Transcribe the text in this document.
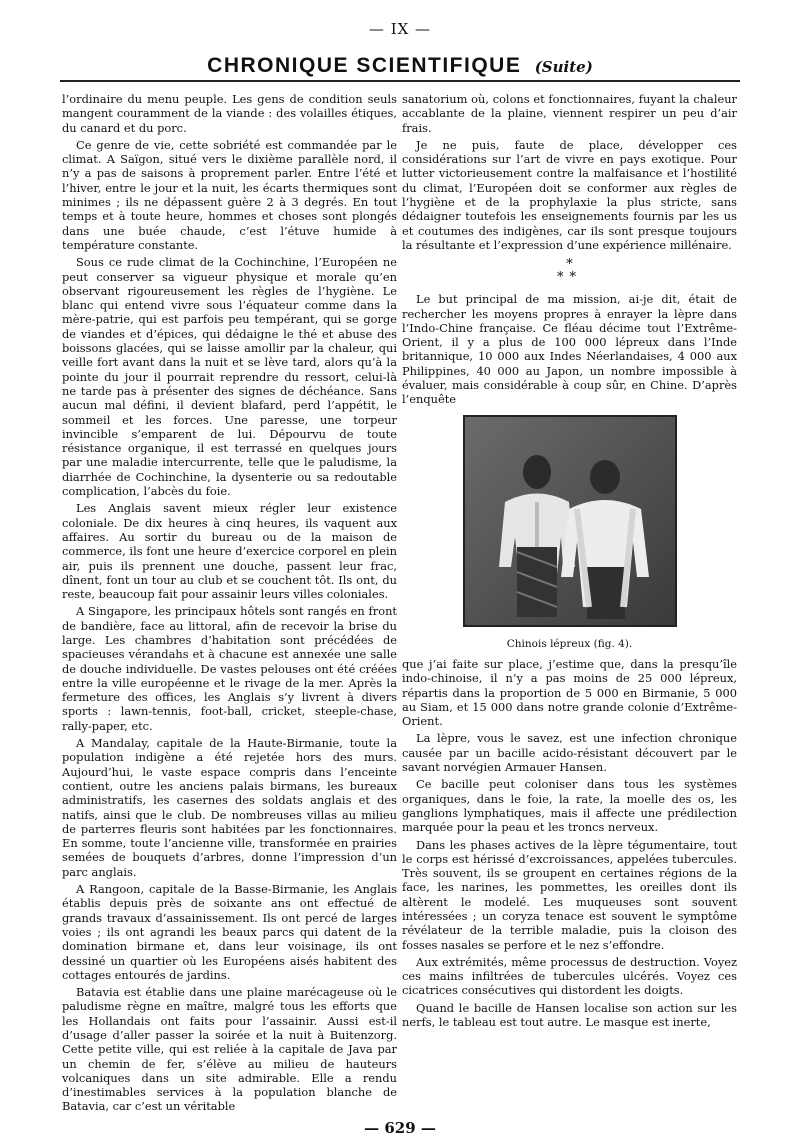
— IX —
CHRONIQUE SCIENTIFIQUE (Suite)

l’ordinaire du menu peuple. Les gens de condition seuls mangent couramment de la viande : des volailles étiques, du canard et du porc.

Ce genre de vie, cette sobriété est commandée par le climat. A Saïgon, situé vers le dixième parallèle nord, il n’y a pas de saisons à proprement parler. Entre l’été et l’hiver, entre le jour et la nuit, les écarts thermiques sont minimes ; ils ne dépassent guère 2 à 3 degrés. En tout temps et à toute heure, hommes et choses sont plongés dans une buée chaude, c’est l’étuve humide à température constante.

Sous ce rude climat de la Cochinchine, l’Européen ne peut conserver sa vigueur physique et morale qu’en observant rigoureusement les règles de l’hygiène. Le blanc qui entend vivre sous l’équateur comme dans la mère-patrie, qui est parfois peu tempérant, qui se gorge de viandes et d’épices, qui dédaigne le thé et abuse des boissons glacées, qui se laisse amollir par la chaleur, qui veille fort avant dans la nuit et se lève tard, alors qu’à la pointe du jour il pourrait reprendre du ressort, celui-là ne tarde pas à présenter des signes de déchéance. Sans aucun mal défini, il devient blafard, perd l’appétit, le sommeil et les forces. Une paresse, une torpeur invincible s’emparent de lui. Dépourvu de toute résistance organique, il est terrassé en quelques jours par une maladie intercurrente, telle que le paludisme, la diarrhée de Cochinchine, la dysenterie ou sa redoutable complication, l’abcès du foie.

Les Anglais savent mieux régler leur existence coloniale. De dix heures à cinq heures, ils vaquent aux affaires. Au sortir du bureau ou de la maison de commerce, ils font une heure d’exercice corporel en plein air, puis ils prennent une douche, passent leur frac, dînent, font un tour au club et se couchent tôt. Ils ont, du reste, beaucoup fait pour assainir leurs villes coloniales.

A Singapore, les principaux hôtels sont rangés en front de bandière, face au littoral, afin de recevoir la brise du large. Les chambres d’habitation sont précédées de spacieuses vérandahs et à chacune est annexée une salle de douche individuelle. De vastes pelouses ont été créées entre la ville européenne et le rivage de la mer. Après la fermeture des offices, les Anglais s’y livrent à divers sports : lawn-tennis, foot-ball, cricket, steeple-chase, rally-paper, etc.

A Mandalay, capitale de la Haute-Birmanie, toute la population indigène a été rejetée hors des murs. Aujourd’hui, le vaste espace compris dans l’enceinte contient, outre les anciens palais birmans, les bureaux administratifs, les casernes des soldats anglais et des natifs, ainsi que le club. De nombreuses villas au milieu de parterres fleuris sont habitées par les fonctionnaires. En somme, toute l’ancienne ville, transformée en prairies semées de bouquets d’arbres, donne l’impression d’un parc anglais.

A Rangoon, capitale de la Basse-Birmanie, les Anglais établis depuis près de soixante ans ont effectué de grands travaux d’assainissement. Ils ont percé de larges voies ; ils ont agrandi les beaux parcs qui datent de la domination birmane et, dans leur voisinage, ils ont dessiné un quartier où les Européens aisés habitent des cottages entourés de jardins.

Batavia est établie dans une plaine marécageuse où le paludisme règne en maître, malgré tous les efforts que les Hollandais ont faits pour l’assainir. Aussi est-il d’usage d’aller passer la soirée et la nuit à Buitenzorg. Cette petite ville, qui est reliée à la capitale de Java par un chemin de fer, s’élève au milieu de hauteurs volcaniques dans un site admirable. Elle a rendu d’inestimables services à la population blanche de Batavia, car c’est un véritable

sanatorium où, colons et fonctionnaires, fuyant la chaleur accablante de la plaine, viennent respirer un peu d’air frais.

Je ne puis, faute de place, développer ces considérations sur l’art de vivre en pays exotique. Pour lutter victorieusement contre la malfaisance et l’hostilité du climat, l’Européen doit se conformer aux règles de l’hygiène et de la prophylaxie la plus stricte, sans dédaigner toutefois les enseignements fournis par les us et coutumes des indigènes, car ils sont presque toujours la résultante et l’expression d’une expérience millénaire.

*
**

Le but principal de ma mission, ai-je dit, était de rechercher les moyens propres à enrayer la lèpre dans l’Indo-Chine française. Ce fléau décime tout l’Extrême-Orient, il y a plus de 100 000 lépreux dans l’Inde britannique, 10 000 aux Indes Néerlandaises, 4 000 aux Philippines, 40 000 au Japon, un nombre impossible à évaluer, mais considérable à coup sûr, en Chine. D’après l’enquête

Chinois lépreux (fig. 4).

que j’ai faite sur place, j’estime que, dans la presqu’île indo-chinoise, il n’y a pas moins de 25 000 lépreux, répartis dans la proportion de 5 000 en Birmanie, 5 000 au Siam, et 15 000 dans notre grande colonie d’Extrême-Orient.

La lèpre, vous le savez, est une infection chronique causée par un bacille acido-résistant découvert par le savant norvégien Armauer Hansen.

Ce bacille peut coloniser dans tous les systèmes organiques, dans le foie, la rate, la moelle des os, les ganglions lymphatiques, mais il affecte une prédilection marquée pour la peau et les troncs nerveux.

Dans les phases actives de la lèpre tégumentaire, tout le corps est hérissé d’excroissances, appelées tubercules. Très souvent, ils se groupent en certaines régions de la face, les narines, les pommettes, les oreilles dont ils altèrent le modelé. Les muqueuses sont souvent intéressées ; un coryza tenace est souvent le symptôme révélateur de la terrible maladie, puis la cloison des fosses nasales se perfore et le nez s’effondre.

Aux extrémités, même processus de destruction. Voyez ces mains infiltrées de tubercules ulcérés. Voyez ces cicatrices consécutives qui distordent les doigts.

Quand le bacille de Hansen localise son action sur les nerfs, le tableau est tout autre. Le masque est inerte,

— 629 —
